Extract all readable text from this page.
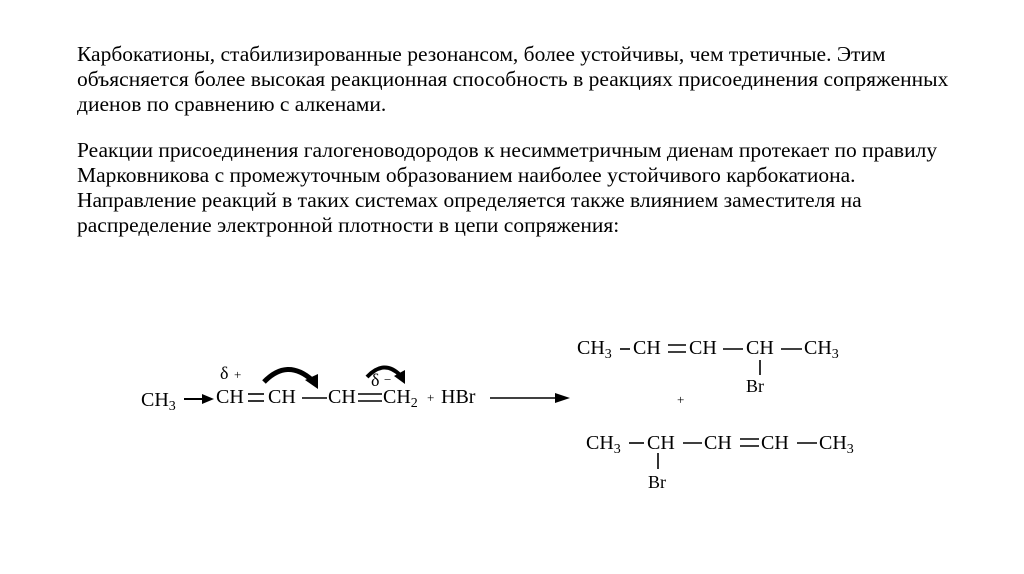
Карбокатионы, стабилизированные резонансом, более устойчивы, чем третичные. Этим объясняется более высокая реакционная способность в реакциях присоединения сопряженных диенов по сравнению с алкенами.

Реакции присоединения галогеноводородов к несимметричным диенам протекает по правилу Марковникова с промежуточным образованием наиболее устойчивого карбокатиона. Направление реакций в таких системах определяется также влиянием заместителя на распределение электронной плотности в цепи сопряжения:

$CH_3$ CH CH CH $CH_2$ + HBr
δ +	δ −
$CH_3$ CH CH CH $CH_3$
Br
+
$CH_3$ CH CH CH $CH_3$
Br
